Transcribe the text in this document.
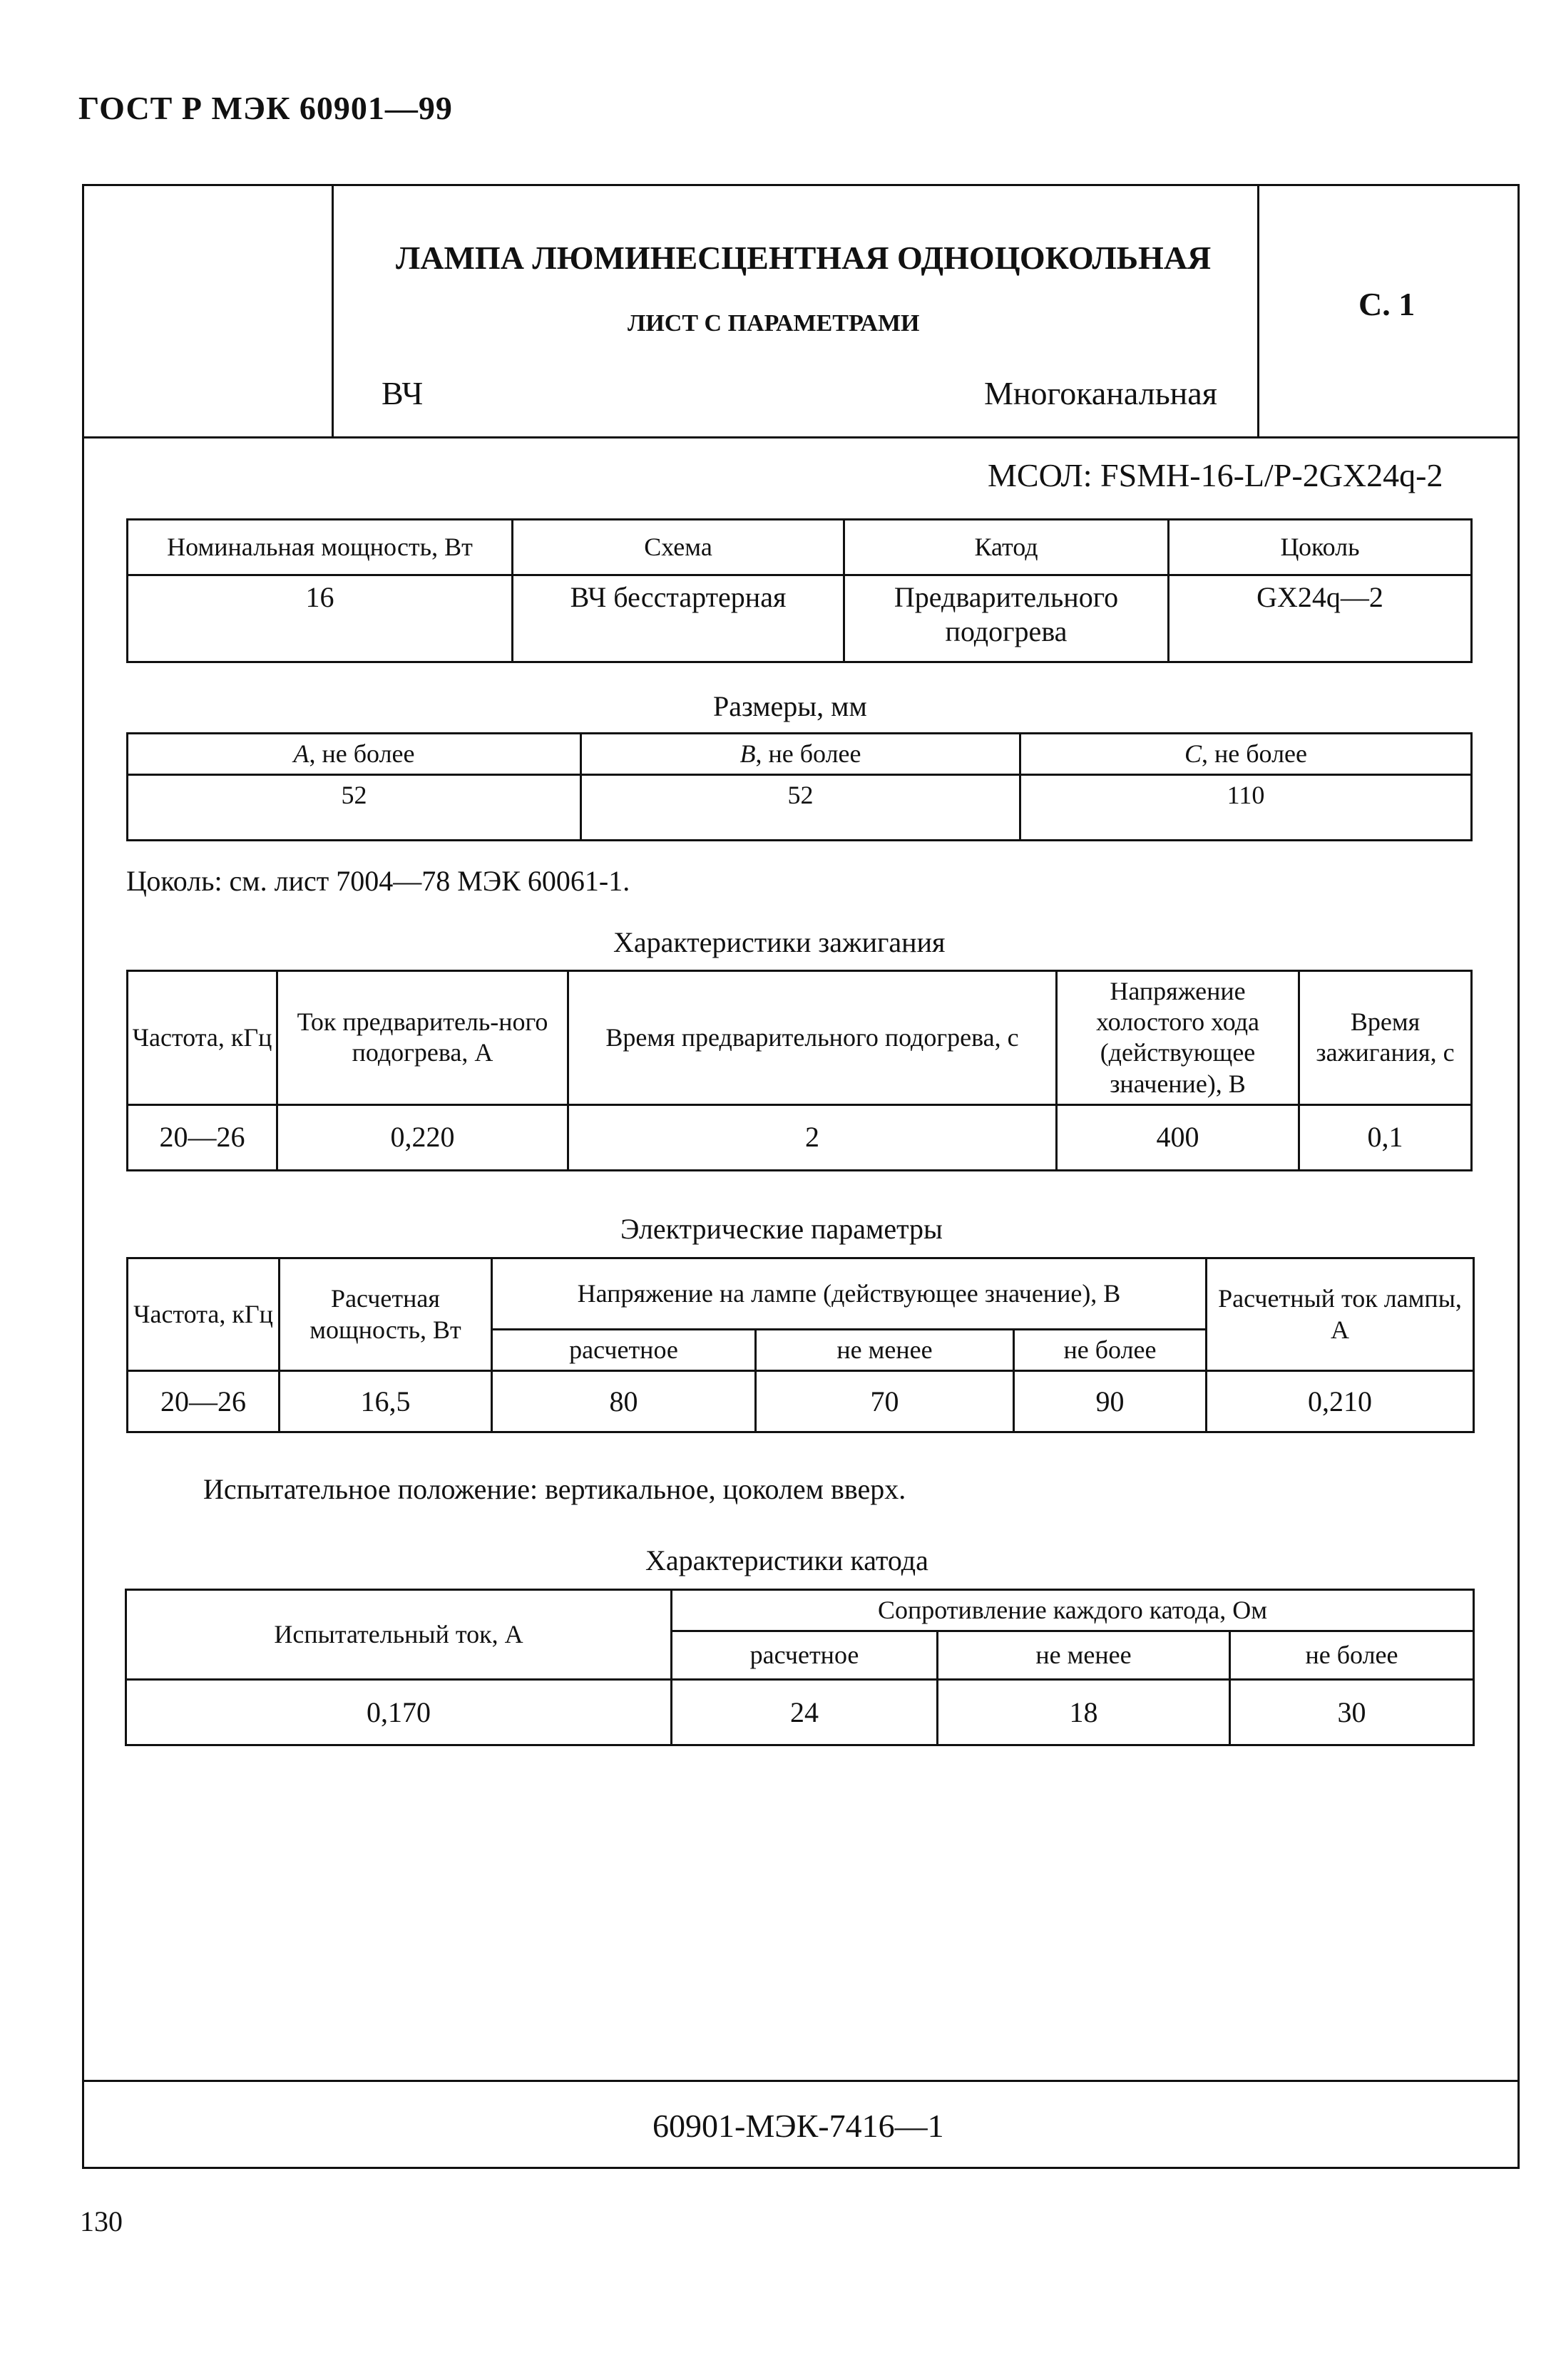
ГОСТ Р МЭК 60901—99
ЛАМПА ЛЮМИНЕСЦЕНТНАЯ ОДНОЦОКОЛЬНАЯ
ЛИСТ С ПАРАМЕТРАМИ
ВЧ	Многоканальная
С. 1
МСОЛ: FSMH-16-L/P-2GX24q-2
Номинальная мощность, Вт	Схема	Катод	Цоколь
16	ВЧ бесстартерная	Предварительного подогрева	GX24q—2
Размеры, мм
A, не более	B, не более	C, не более
52	52	110
Цоколь: см. лист 7004—78 МЭК 60061-1.
Характеристики зажигания
Частота, кГц	Ток предваритель-ного подогрева, А	Время предварительного подогрева, с	Напряжение холостого хода (действующее значение), В	Время зажигания, с
20—26	0,220	2	400	0,1
Электрические параметры
Частота, кГц	Расчетная мощность, Вт	Напряжение на лампе (действующее значение), В			Расчетный ток лампы, А
		расчетное	не менее	не более	
20—26	16,5	80	70	90	0,210
Испытательное положение: вертикальное, цоколем вверх.
Характеристики катода
Испытательный ток, А	Сопротивление каждого катода, Ом		
	расчетное	не менее	не более
0,170	24	18	30
60901-МЭК-7416—1
130
